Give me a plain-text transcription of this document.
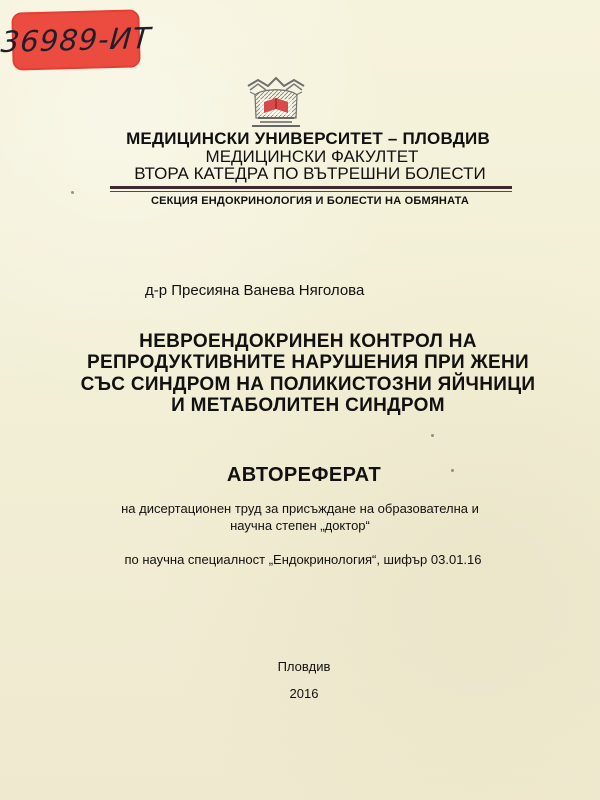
36989-ИТ
МЕДИЦИНСКИ УНИВЕРСИТЕТ – ПЛОВДИВ
МЕДИЦИНСКИ ФАКУЛТЕТ
ВТОРА КАТЕДРА ПО ВЪТРЕШНИ БОЛЕСТИ
СЕКЦИЯ ЕНДОКРИНОЛОГИЯ И БОЛЕСТИ НА ОБМЯНАТА
д-р Пресияна Ванева Няголова
НЕВРОЕНДОКРИНЕН КОНТРОЛ НА
РЕПРОДУКТИВНИТЕ НАРУШЕНИЯ ПРИ ЖЕНИ
СЪС СИНДРОМ НА ПОЛИКИСТОЗНИ ЯЙЧНИЦИ
И МЕТАБОЛИТЕН СИНДРОМ
АВТОРЕФЕРАТ
на дисертационен труд за присъждане на образователна и
научна степен „доктор“
по научна специалност „Ендокринология“, шифър 03.01.16
Пловдив
2016
